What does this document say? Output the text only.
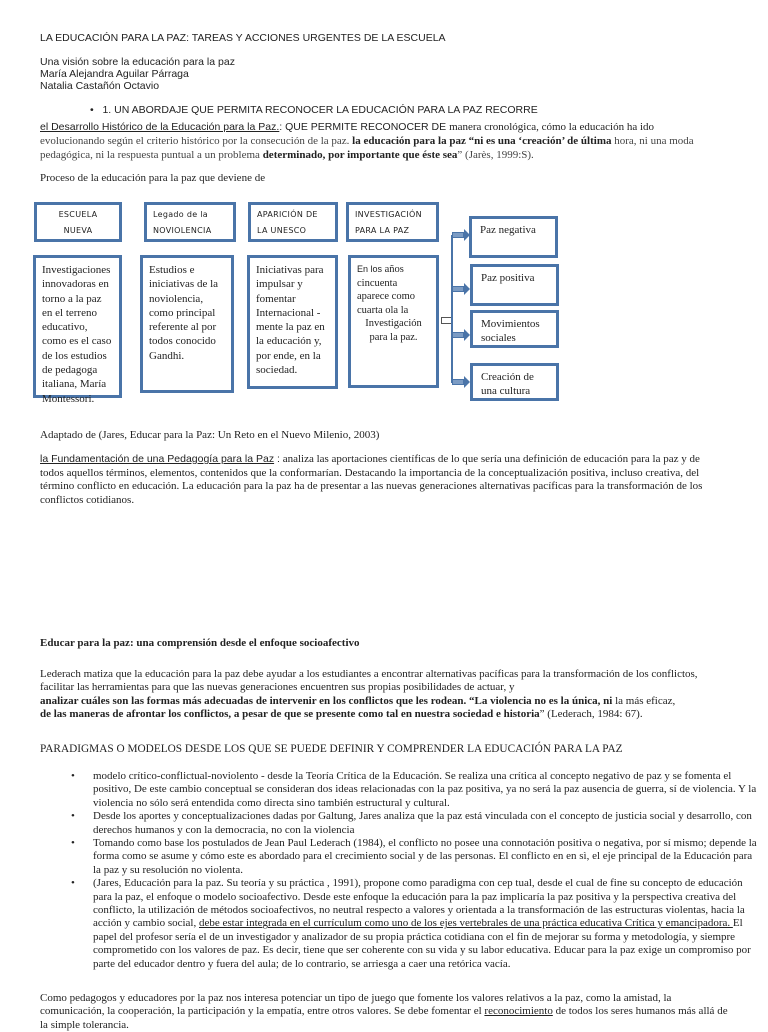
LA EDUCACIÓN PARA LA PAZ: TAREAS Y ACCIONES URGENTES DE LA ESCUELA
Una visión sobre la educación para la paz
María Alejandra Aguilar Párraga
Natalia Castañón Octavio
• 1. UN ABORDAJE QUE PERMITA RECONOCER LA EDUCACIÓN PARA LA PAZ RECORRE
el Desarrollo Histórico de la Educación para la Paz.: QUE PERMITE RECONOCER DE manera cronológica, cómo la educación ha ido
evolucionando según el criterio histórico por la consecución de la paz. la educación para la paz “ni es una ‘creación’ de última hora, ni una moda
pedagógica, ni la respuesta puntual a un problema determinado, por importante que éste sea” (Jarès, 1999:S).
Proceso de la educación para la paz que deviene de
ESCUELA
NUEVA
Legado de la
NOVIOLENCIA
APARICIÓN DE
LA UNESCO
INVESTIGACIÓN
PARA LA PAZ
Investigaciones innovadoras en torno a la paz en el terreno educativo, como es el caso de los estudios de pedagoga italiana, María Montessori.
Estudios e iniciativas de la noviolencia, como principal referente al por todos conocido Gandhi.
Iniciativas para impulsar y fomentar Internacional - mente la paz en la educación y, por ende, en la sociedad.
En los años cincuenta aparece como cuarta ola la
Investigación
para la paz.
Paz negativa
Paz positiva
Movimientos sociales
Creación de una cultura
Adaptado de (Jares, Educar para la Paz: Un Reto en el Nuevo Milenio, 2003)
la Fundamentación de una Pedagogía para la Paz : analiza las aportaciones científicas de lo que sería una definición de educación para la paz y de todos aquellos términos, elementos, contenidos que la conformarían. Destacando la importancia de la conceptualización positiva, incluso creativa, del término conflicto en educación. La educación para la paz ha de presentar a las nuevas generaciones alternativas pacíficas para la transformación de los conflictos cotidianos.
Educar para la paz: una comprensión desde el enfoque socioafectivo
Lederach matiza que la educación para la paz debe ayudar a los estudiantes a encontrar alternativas pacíficas para la transformación de los conflictos, facilitar las herramientas para que las nuevas generaciones encuentren sus propias posibilidades de actuar, y
analizar cuáles son las formas más adecuadas de intervenir en los conflictos que les rodean. “La violencia no es la única, ni la más eficaz,
de las maneras de afrontar los conflictos, a pesar de que se presente como tal en nuestra sociedad e historia” (Lederach, 1984: 67).
PARADIGMAS O MODELOS DESDE LOS QUE SE PUEDE DEFINIR Y COMPRENDER LA EDUCACIÓN PARA LA PAZ
• modelo crítico-conflictual-noviolento - desde la Teoría Crítica de la Educación. Se realiza una crítica al concepto negativo de paz y se fomenta el positivo, De este cambio conceptual se consideran dos ideas relacionadas con la paz positiva, ya no será la paz ausencia de guerra, sí de violencia. Y la violencia no sólo será entendida como directa sino también estructural y cultural.
• Desde los aportes y conceptualizaciones dadas por Galtung, Jares analiza que la paz está vinculada con el concepto de justicia social y desarrollo, con derechos humanos y con la democracia, no con la violencia
• Tomando como base los postulados de Jean Paul Lederach (1984), el conflicto no posee una connotación positiva o negativa, por sí mismo; depende la forma como se asume y cómo este es abordado para el crecimiento social y de las personas. El conflicto en en sì, el eje principal de la Educación para la paz y su resolución no violenta.
• (Jares, Educación para la paz. Su teoría y su práctica , 1991), propone como paradigma con cep tual, desde el cual de fine su concepto de educación para la paz, el enfoque o modelo socioafectivo. Desde este enfoque la educación para la paz implicaría la paz positiva y la perspectiva creativa del conflicto, la utilización de métodos socioafectivos, no neutral respecto a valores y orientada a la transformación de las estructuras violentas, hacia la acción y cambio social, debe estar integrada en el currículum como uno de los ejes vertebrales de una práctica educativa Crítica y emancipadora. El papel del profesor sería el de un investigador y analizador de su propia práctica cotidiana con el fin de mejorar su forma y metodología, y siempre comprometido con los valores de paz. Es decir, tiene que ser coherente con su vida y su labor educativa. Educar para la paz exige un compromiso por parte del educador dentro y fuera del aula; de lo contrario, se arriesga a caer una retórica vacía.
Como pedagogos y educadores por la paz nos interesa potenciar un tipo de juego que fomente los valores relativos a la paz, como la amistad, la comunicación, la cooperación, la participación y la empatía, entre otros valores. Se debe fomentar el reconocimiento de todos los seres humanos más allá de la simple tolerancia.
